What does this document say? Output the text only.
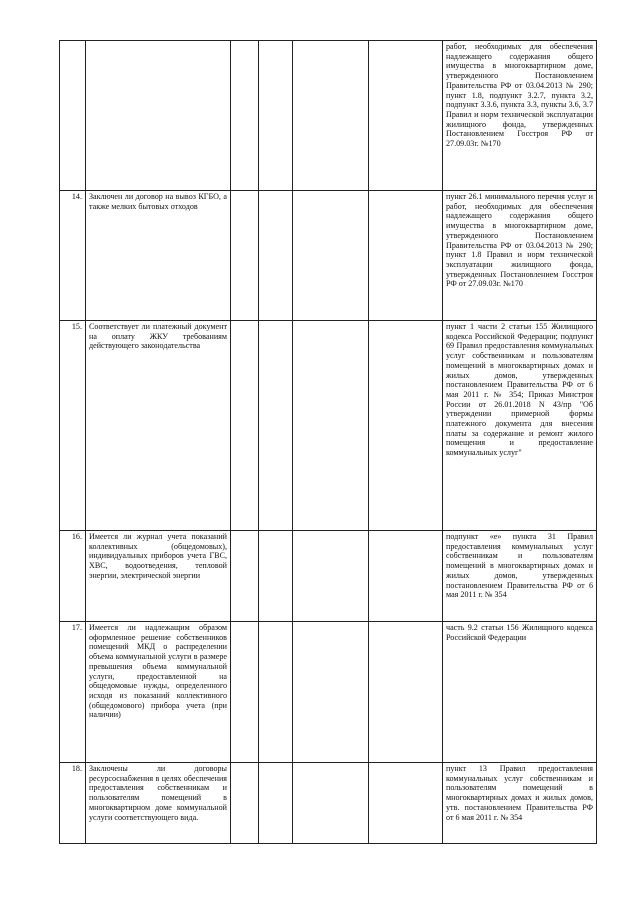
						работ, необходимых для обеспечения надлежащего содержания общего имущества в многоквартирном доме, утвержденного Постановлением Правительства РФ от 03.04.2013 № 290; пункт 1.8, подпункт 3.2.7, пункта 3.2, подпункт 3.3.6, пункта 3.3, пункты 3.6, 3.7 Правил и норм технической эксплуатации жилищного фонда, утвержденных Постановлением Госстроя РФ от 27.09.03г. №170
14.	Заключен ли договор на вывоз КГБО, а также мелких бытовых отходов					пункт 26.1 минимального перечня услуг и работ, необходимых для обеспечения надлежащего содержания общего имущества в многоквартирном доме, утвержденного Постановлением Правительства РФ от 03.04.2013 № 290; пункт 1.8 Правил и норм технической эксплуатации жилищного фонда, утвержденных Постановлением Госстроя РФ от 27.09.03г. №170
15.	Соответствует ли платежный документ на оплату ЖКУ требованиям действующего законодательства					пункт 1 части 2 статьи 155 Жилищного кодекса Российской Федерации; подпункт 69 Правил предоставления коммунальных услуг собственникам и пользователям помещений в многоквартирных домах и жилых домов, утвержденных постановлением Правительства РФ от 6 мая 2011 г. № 354; Приказ Минстроя России от 26.01.2018 N 43/пр "Об утверждении примерной формы платежного документа для внесения платы за содержание и ремонт жилого помещения и предоставление коммунальных услуг"
16.	Имеется ли журнал учета показаний коллективных (общедомовых), индивидуальных приборов учета ГВС, ХВС, водоотведения, тепловой энергии, электрической энергии					подпункт «е» пункта 31 Правил предоставления коммунальных услуг собственникам и пользователям помещений в многоквартирных домах и жилых домов, утвержденных постановлением Правительства РФ от 6 мая 2011 г. № 354
17.	Имеется ли надлежащим образом оформленное решение собственников помещений МКД о распределении объема коммунальной услуги в размере превышения объема коммунальной услуги, предоставленной на общедомовые нужды, определенного исходя из показаний коллективного (общедомового) прибора учета (при наличии)					часть 9.2 статьи 156 Жилищного кодекса Российской Федерации
18.	Заключены ли договоры ресурсоснабжения в целях обеспечения предоставления собственникам и пользователям помещений в многоквартирном доме коммунальной услуги соответствующего вида.					пункт 13 Правил предоставления коммунальных услуг собственникам и пользователям помещений в многоквартирных домах и жилых домов, утв. постановлением Правительства РФ от 6 мая 2011 г. № 354
